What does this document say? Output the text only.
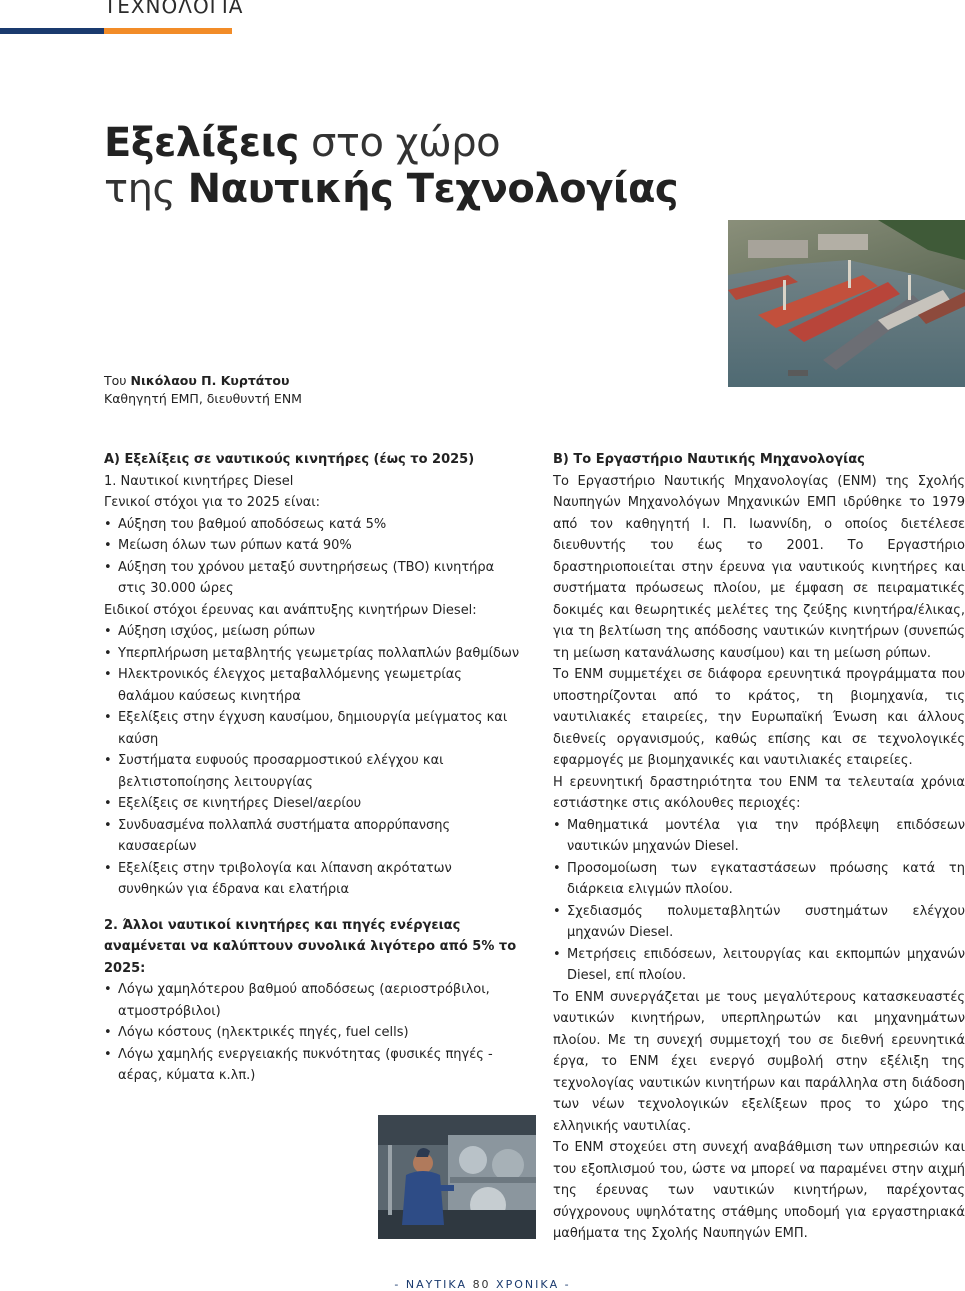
ΤΕΧΝΟΛΟΓΙΑ
Εξελίξεις στο χώρο
της Ναυτικής Τεχνολογίας
Του Νικόλαου Π. Κυρτάτου
Καθηγητή ΕΜΠ, διευθυντή ΕΝΜ

Α) Εξελίξεις σε ναυτικούς κινητήρες (έως το 2025)

1. Ναυτικοί κινητήρες Diesel

Γενικοί στόχοι για το 2025 είναι:

• Αύξηση του βαθμού αποδόσεως κατά 5%
• Μείωση όλων των ρύπων κατά 90%
• Αύξηση του χρόνου μεταξύ συντηρήσεως (TBO) κινητήρα στις 30.000 ώρες

Ειδικοί στόχοι έρευνας και ανάπτυξης κινητήρων Diesel:

• Αύξηση ισχύος, μείωση ρύπων
• Υπερπλήρωση μεταβλητής γεωμετρίας πολλαπλών βαθμίδων
• Ηλεκτρονικός έλεγχος μεταβαλλόμενης γεωμετρίας θαλάμου καύσεως κινητήρα
• Εξελίξεις στην έγχυση καυσίμου, δημιουργία μείγματος και καύση
• Συστήματα ευφυούς προσαρμοστικού ελέγχου και βελτιστοποίησης λειτουργίας
• Εξελίξεις σε κινητήρες Diesel/αερίου
• Συνδυασμένα πολλαπλά συστήματα απορρύπανσης καυσαερίων
• Εξελίξεις στην τριβολογία και λίπανση ακρότατων συνθηκών για έδρανα και ελατήρια

2. Άλλοι ναυτικοί κινητήρες και πηγές ενέργειας αναμένεται να καλύπτουν συνολικά λιγότερο από 5% το 2025:

• Λόγω χαμηλότερου βαθμού αποδόσεως (αεριοστρόβιλοι, ατμοστρόβιλοι)
• Λόγω κόστους (ηλεκτρικές πηγές, fuel cells)
• Λόγω χαμηλής ενεργειακής πυκνότητας (φυσικές πηγές - αέρας, κύματα κ.λπ.)

Β) Το Εργαστήριο Ναυτικής Μηχανολογίας

Το Εργαστήριο Ναυτικής Μηχανολογίας (ΕΝΜ) της Σχολής Ναυπηγών Μηχανολόγων Μηχανικών ΕΜΠ ιδρύθηκε το 1979 από τον καθηγητή Ι. Π. Ιωαννίδη, ο οποίος διετέλεσε διευθυντής του έως το 2001. Το Εργαστήριο δραστηριοποιείται στην έρευνα για ναυτικούς κινητήρες και συστήματα πρόωσεως πλοίου, με έμφαση σε πειραματικές δοκιμές και θεωρητικές μελέτες της ζεύξης κινητήρα/έλικας, για τη βελτίωση της απόδοσης ναυτικών κινητήρων (συνεπώς τη μείωση κατανάλωσης καυσίμου) και τη μείωση ρύπων.

Το ΕΝΜ συμμετέχει σε διάφορα ερευνητικά προγράμματα που υποστηρίζονται από το κράτος, τη βιομηχανία, τις ναυτιλιακές εταιρείες, την Ευρωπαϊκή Ένωση και άλλους διεθνείς οργανισμούς, καθώς επίσης και σε τεχνολογικές εφαρμογές με βιομηχανικές και ναυτιλιακές εταιρείες.

Η ερευνητική δραστηριότητα του ΕΝΜ τα τελευταία χρόνια εστιάστηκε στις ακόλουθες περιοχές:

• Μαθηματικά μοντέλα για την πρόβλεψη επιδόσεων ναυτικών μηχανών Diesel.
• Προσομοίωση των εγκαταστάσεων πρόωσης κατά τη διάρκεια ελιγμών πλοίου.
• Σχεδιασμός πολυμεταβλητών συστημάτων ελέγχου μηχανών Diesel.
• Μετρήσεις επιδόσεων, λειτουργίας και εκπομπών μηχανών Diesel, επί πλοίου.

Το ΕΝΜ συνεργάζεται με τους μεγαλύτερους κατασκευαστές ναυτικών κινητήρων, υπερπληρωτών και μηχανημάτων πλοίου. Με τη συνεχή συμμετοχή του σε διεθνή ερευνητικά έργα, το ΕΝΜ έχει ενεργό συμβολή στην εξέλιξη της τεχνολογίας ναυτικών κινητήρων και παράλληλα στη διάδοση των νέων τεχνολογικών εξελίξεων προς το χώρο της ελληνικής ναυτιλίας.

Το ΕΝΜ στοχεύει στη συνεχή αναβάθμιση των υπηρεσιών και του εξοπλισμού του, ώστε να μπορεί να παραμένει στην αιχμή της έρευνας των ναυτικών κινητήρων, παρέχοντας σύγχρονους υψηλότατης στάθμης υποδομή για εργαστηριακά μαθήματα της Σχολής Ναυπηγών ΕΜΠ.

- ΝΑΥΤΙΚΑ 80 ΧΡΟΝΙΚΑ -
